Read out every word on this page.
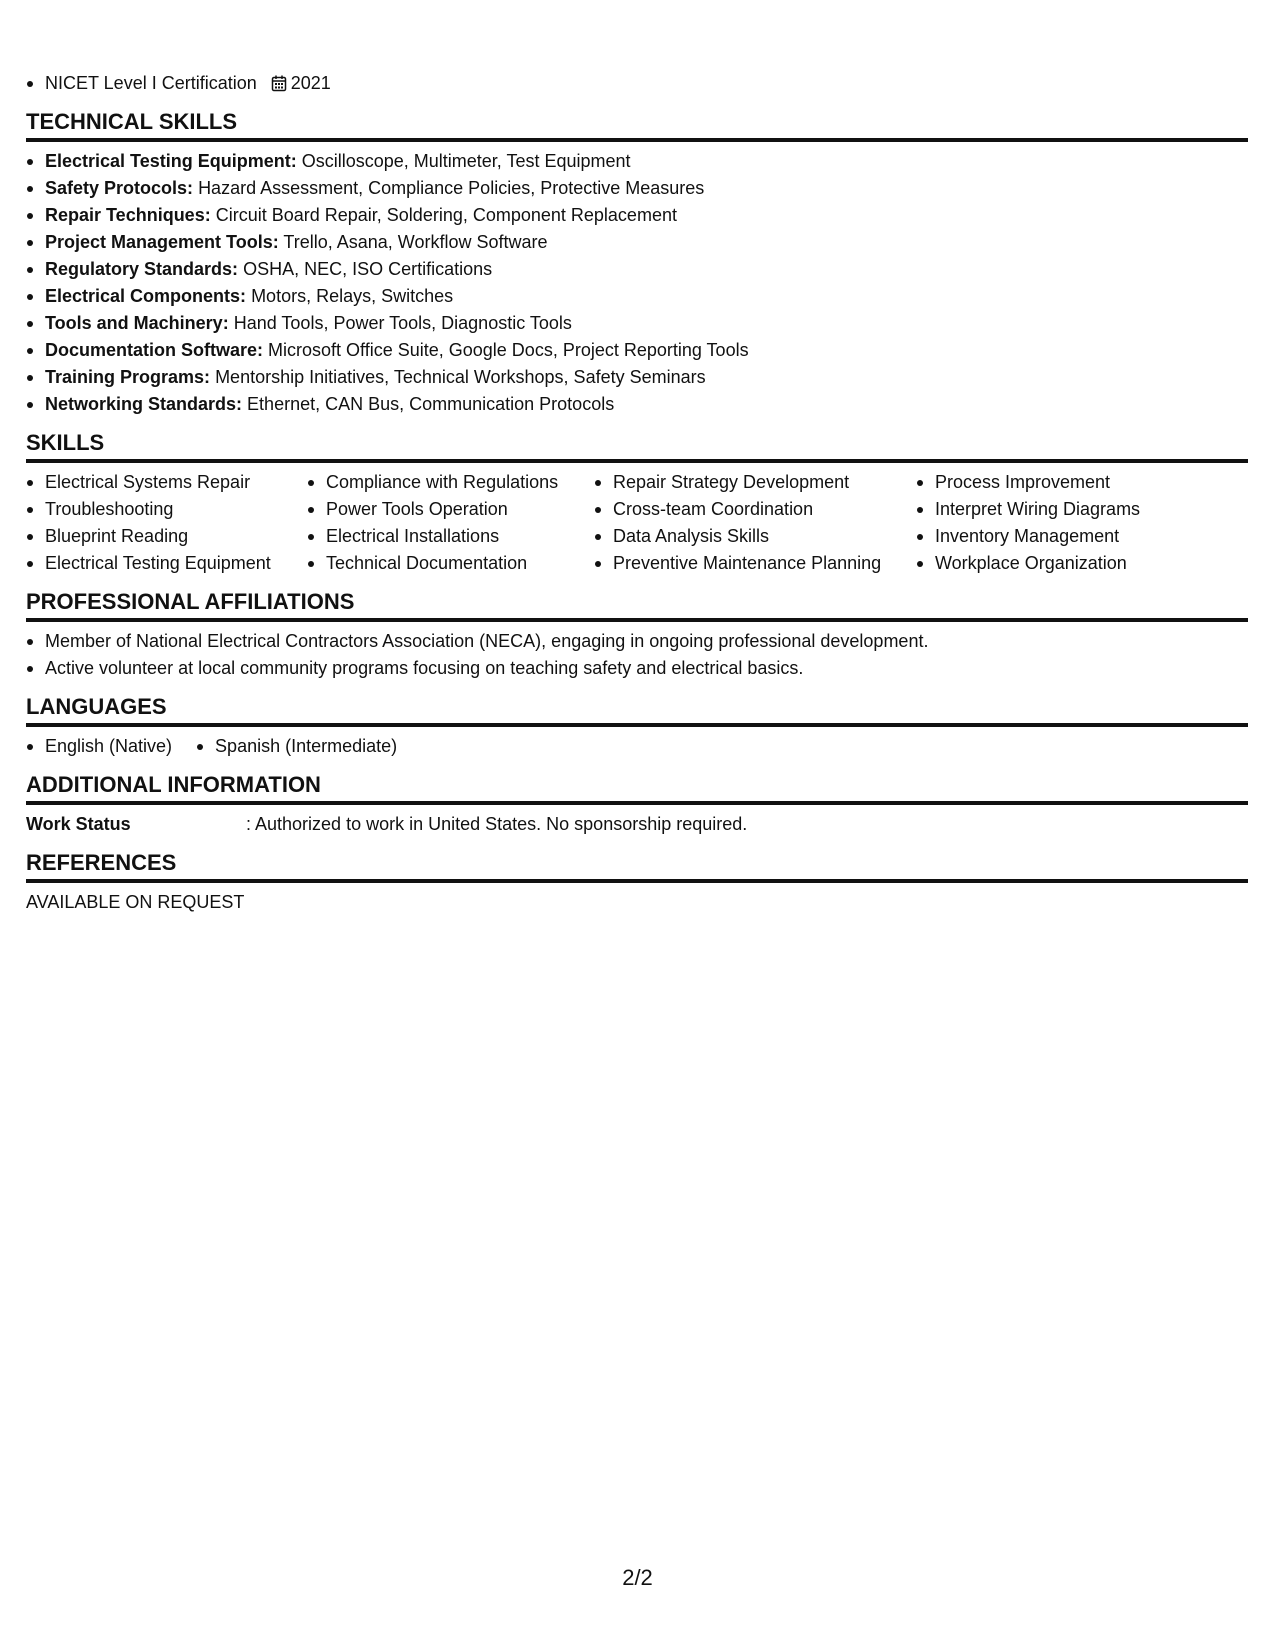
NICET Level I Certification 2021
TECHNICAL SKILLS
Electrical Testing Equipment: Oscilloscope, Multimeter, Test Equipment
Safety Protocols: Hazard Assessment, Compliance Policies, Protective Measures
Repair Techniques: Circuit Board Repair, Soldering, Component Replacement
Project Management Tools: Trello, Asana, Workflow Software
Regulatory Standards: OSHA, NEC, ISO Certifications
Electrical Components: Motors, Relays, Switches
Tools and Machinery: Hand Tools, Power Tools, Diagnostic Tools
Documentation Software: Microsoft Office Suite, Google Docs, Project Reporting Tools
Training Programs: Mentorship Initiatives, Technical Workshops, Safety Seminars
Networking Standards: Ethernet, CAN Bus, Communication Protocols
SKILLS
Electrical Systems Repair
Troubleshooting
Blueprint Reading
Electrical Testing Equipment
Compliance with Regulations
Power Tools Operation
Electrical Installations
Technical Documentation
Repair Strategy Development
Cross-team Coordination
Data Analysis Skills
Preventive Maintenance Planning
Process Improvement
Interpret Wiring Diagrams
Inventory Management
Workplace Organization
PROFESSIONAL AFFILIATIONS
Member of National Electrical Contractors Association (NECA), engaging in ongoing professional development.
Active volunteer at local community programs focusing on teaching safety and electrical basics.
LANGUAGES
English (Native)	Spanish (Intermediate)
ADDITIONAL INFORMATION
Work Status	: Authorized to work in United States. No sponsorship required.
REFERENCES
AVAILABLE ON REQUEST
2/2
